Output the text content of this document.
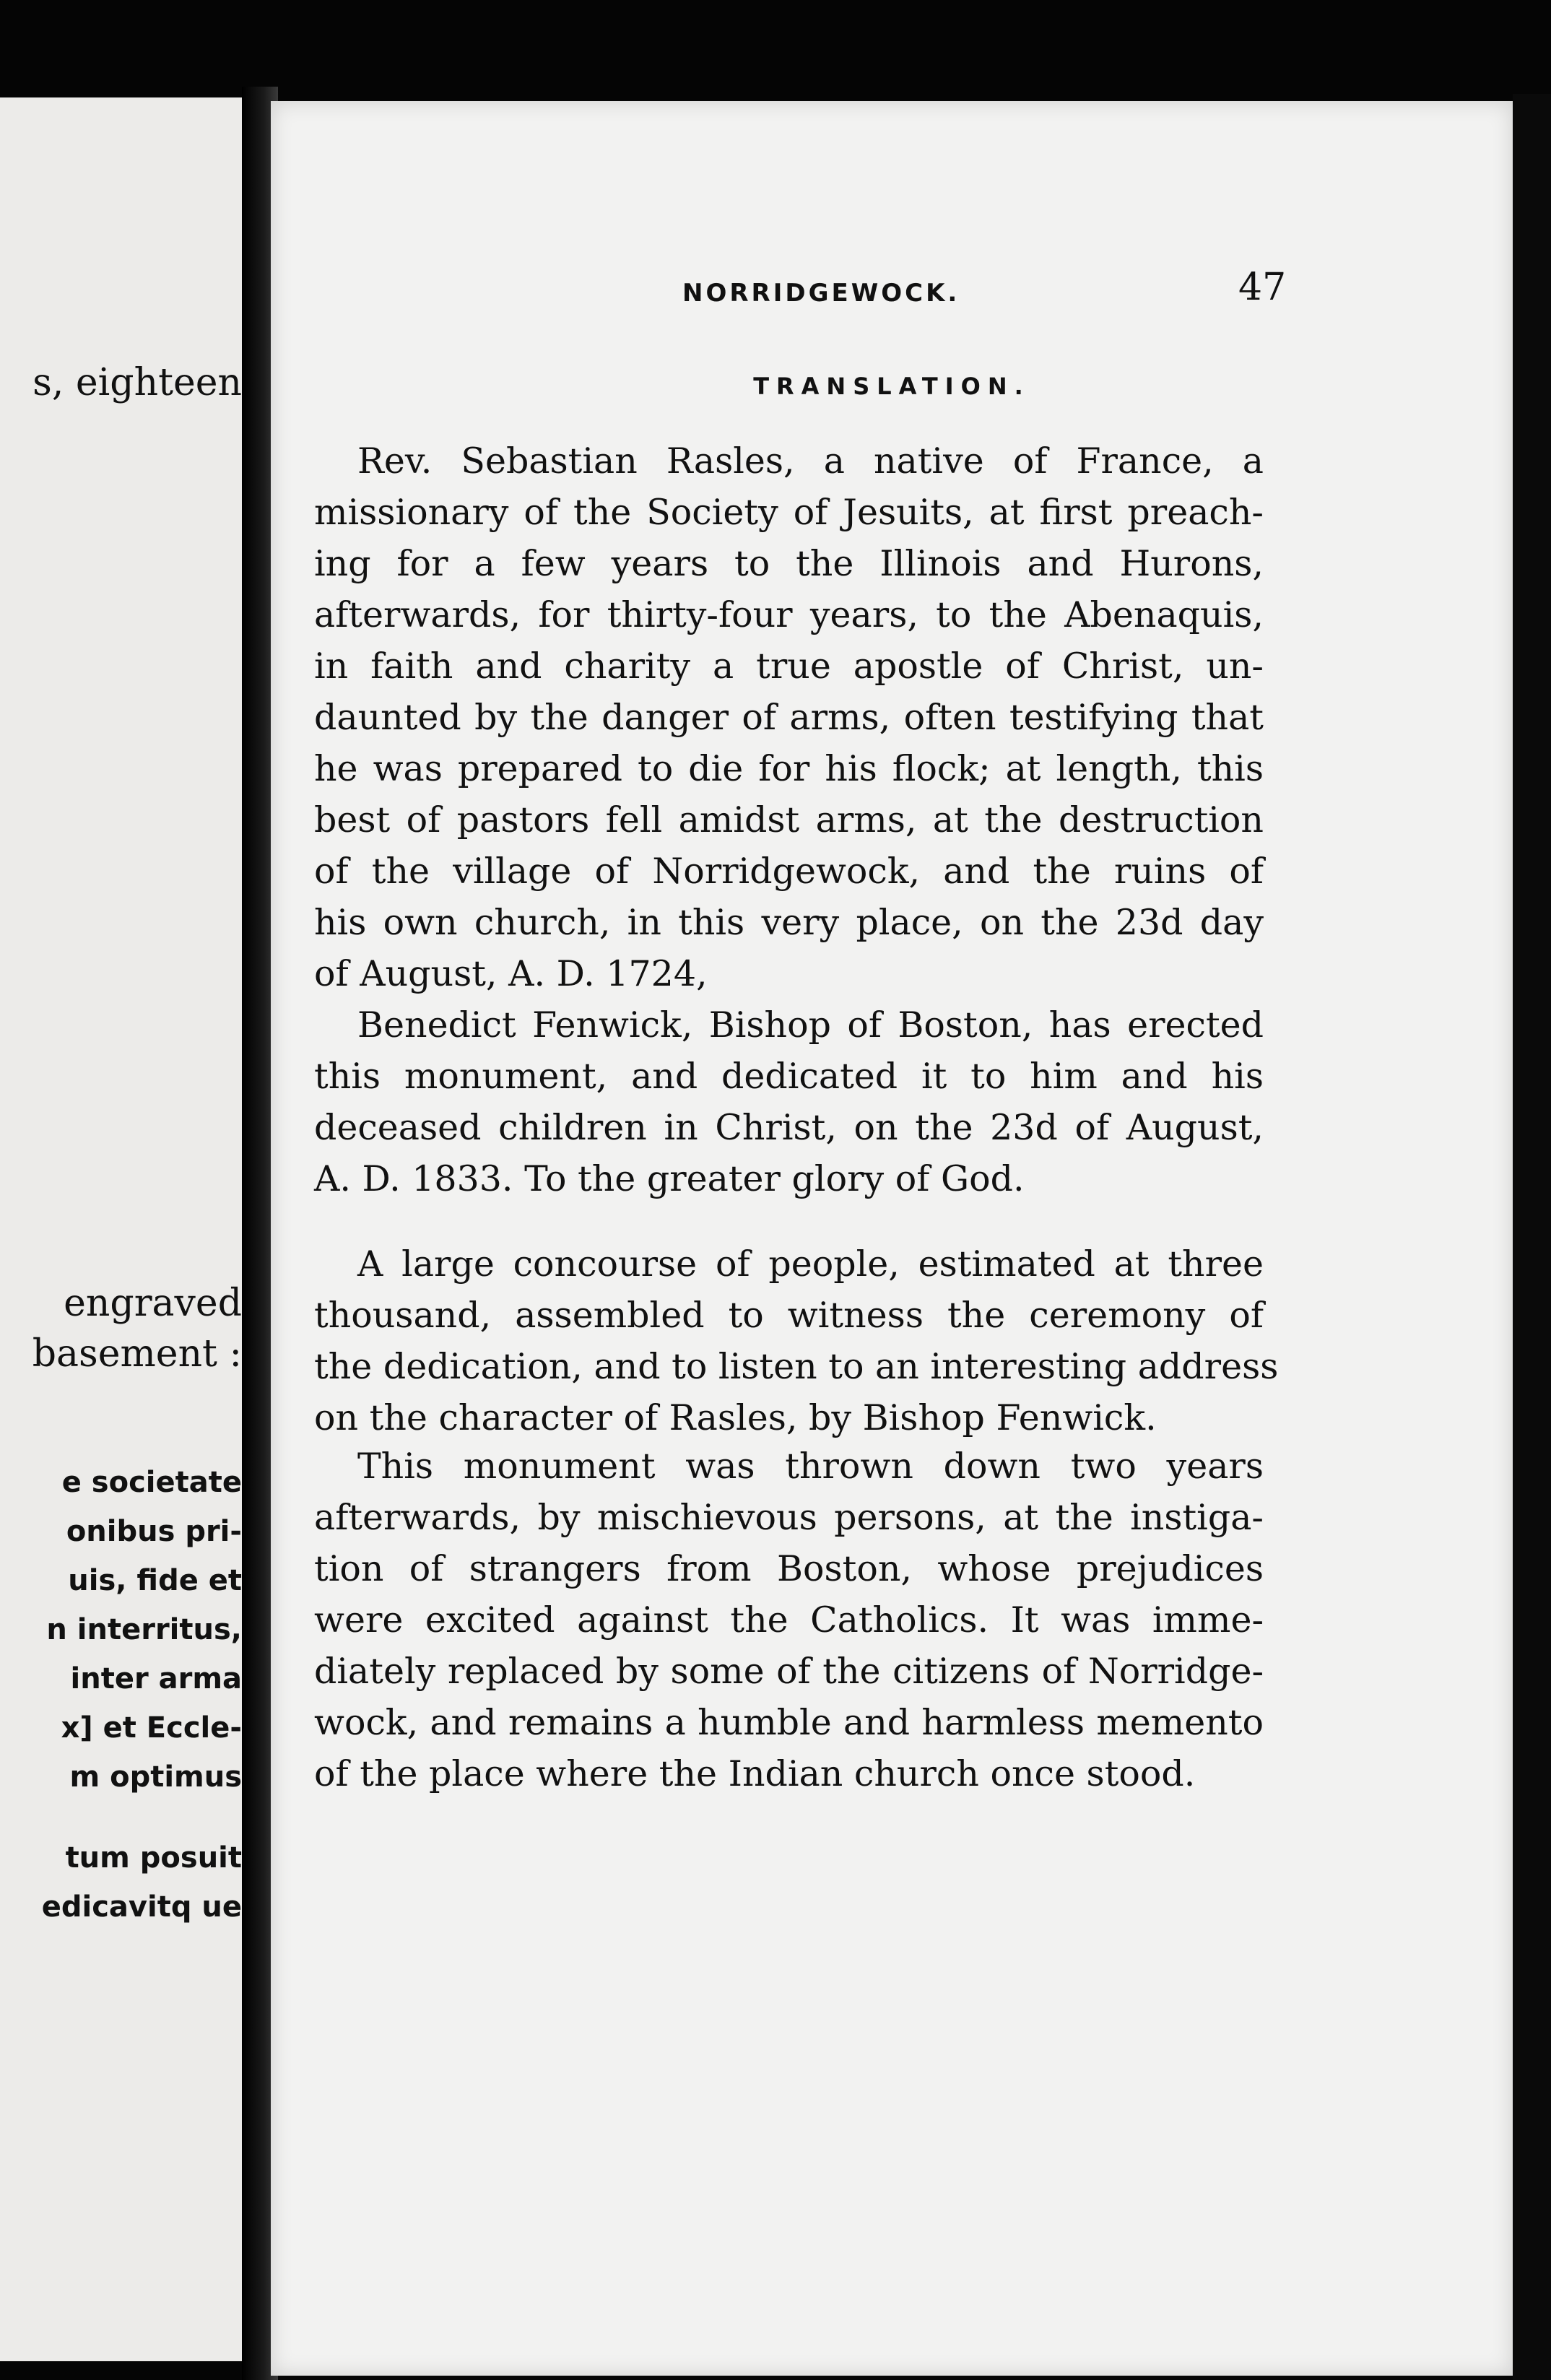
s, eighteen
engraved
basement :
e societate
onibus pri-
uis, fide et
n interritus,
inter arma
x] et Eccle-
m optimus
tum posuit
edicavitq ue
NORRIDGEWOCK.	47
TRANSLATION.
Rev. Sebastian Rasles, a native of France, a
missionary of the Society of Jesuits, at first preach-
ing for a few years to the Illinois and Hurons,
afterwards, for thirty-four years, to the Abenaquis,
in faith and charity a true apostle of Christ, un-
daunted by the danger of arms, often testifying that
he was prepared to die for his flock; at length, this
best of pastors fell amidst arms, at the destruction
of the village of Norridgewock, and the ruins of
his own church, in this very place, on the 23d day
of August, A. D. 1724,
Benedict Fenwick, Bishop of Boston, has erected
this monument, and dedicated it to him and his
deceased children in Christ, on the 23d of August,
A. D. 1833. To the greater glory of God.
A large concourse of people, estimated at three
thousand, assembled to witness the ceremony of
the dedication, and to listen to an interesting address
on the character of Rasles, by Bishop Fenwick.
This monument was thrown down two years
afterwards, by mischievous persons, at the instiga-
tion of strangers from Boston, whose prejudices
were excited against the Catholics. It was imme-
diately replaced by some of the citizens of Norridge-
wock, and remains a humble and harmless memento
of the place where the Indian church once stood.
